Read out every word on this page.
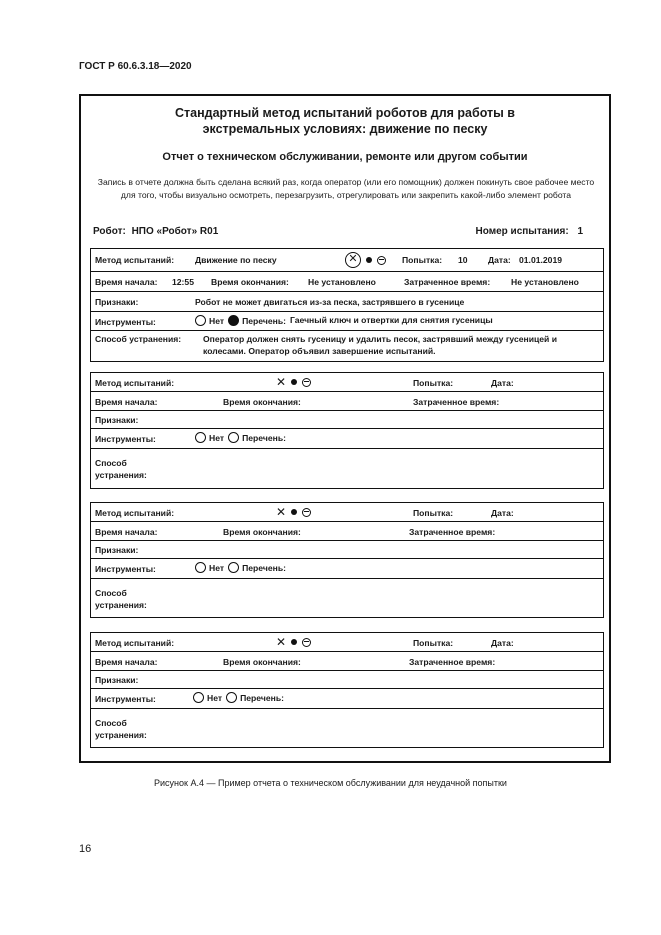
ГОСТ Р 60.6.3.18—2020
Стандартный метод испытаний роботов для работы в
экстремальных условиях: движение по песку
Отчет о техническом обслуживании, ремонте или другом событии
Запись в отчете должна быть сделана всякий раз, когда оператор (или его помощник) должен покинуть свое рабочее место для того, чтобы визуально осмотреть, перезагрузить, отрегулировать или закрепить какой-либо элемент робота
Робот: НПО «Робот» R01	Номер испытания: 1
Метод испытаний: Движение по песку	✕	Попытка: 10 Дата: 01.01.2019
Время начала: 12:55 Время окончания: Не установлено	Затраченное время: Не установлено
Признаки:	Робот не может двигаться из-за песка, застрявшего в гусенице
Инструменты:	Нет Перечень: Гаечный ключ и отвертки для снятия гусеницы
Способ устранения:	Оператор должен снять гусеницу и удалить песок, застрявший между гусеницей и колесами. Оператор объявил завершение испытаний.
Метод испытаний:	✕	Попытка:	Дата:
Время начала:	Время окончания:	Затраченное время:
Признаки:
Инструменты:	Нет Перечень:
Способ
устранения:
Метод испытаний:	✕	Попытка:	Дата:
Время начала:	Время окончания:	Затраченное время:
Признаки:
Инструменты:	Нет Перечень:
Способ
устранения:
Метод испытаний:	✕	Попытка:	Дата:
Время начала:	Время окончания:	Затраченное время:
Признаки:
Инструменты:	Нет Перечень:
Способ
устранения:
Рисунок А.4 — Пример отчета о техническом обслуживании для неудачной попытки
16
